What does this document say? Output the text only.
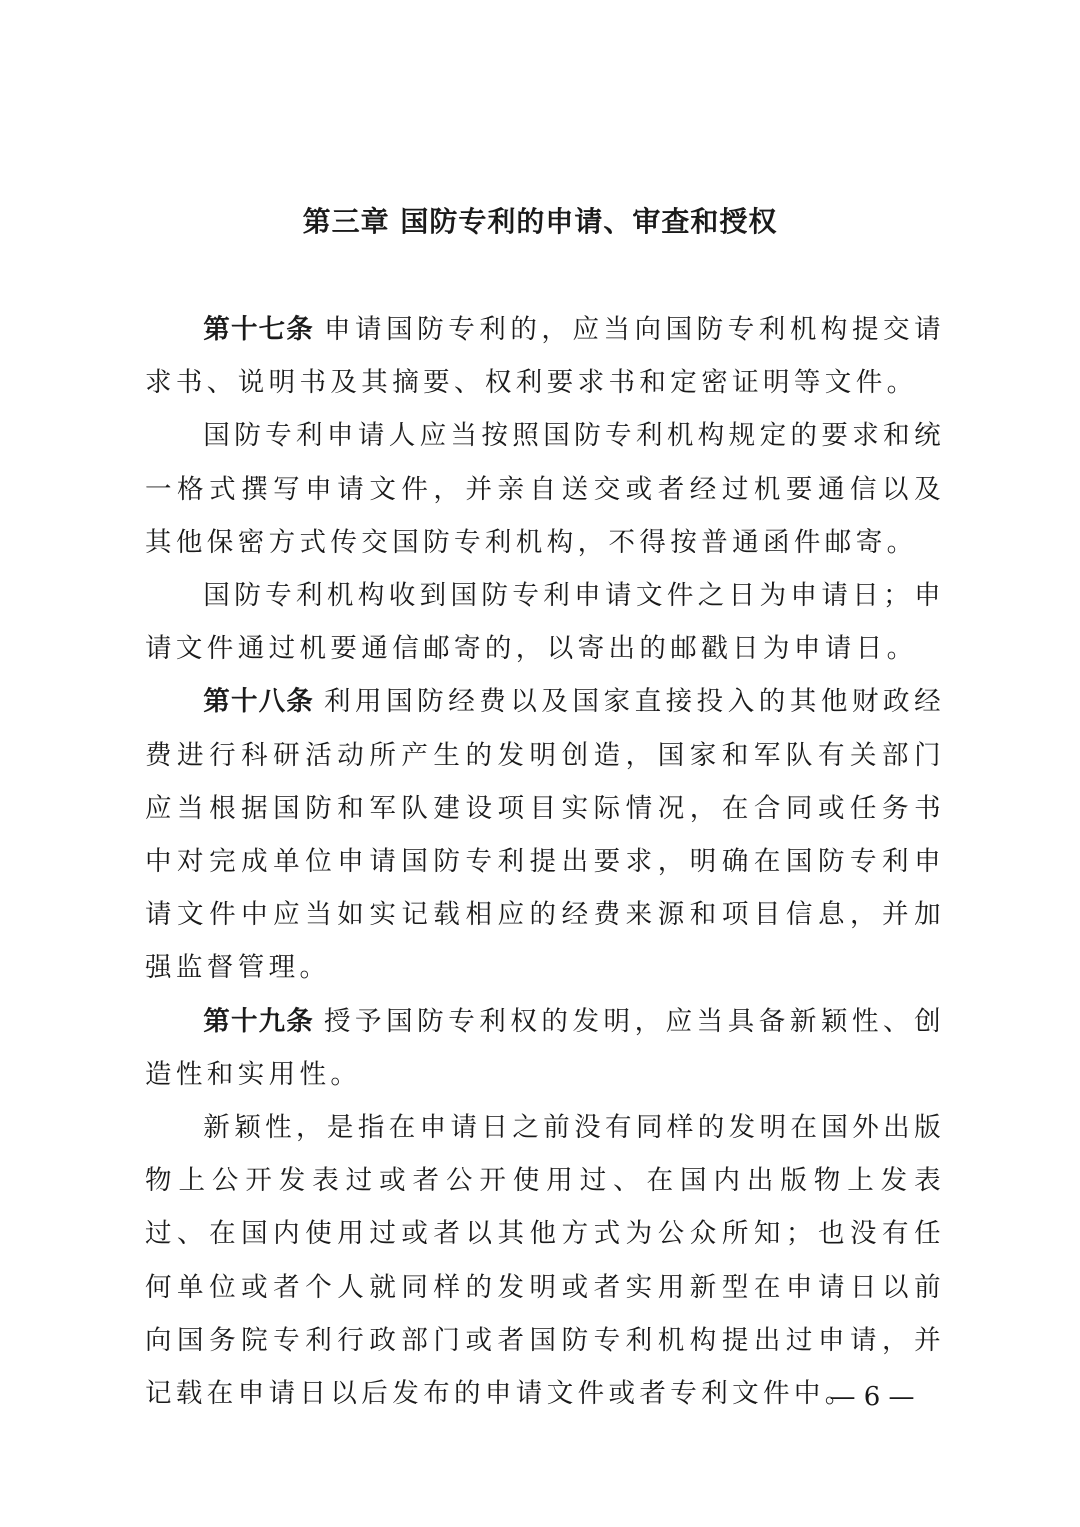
第三章 国防专利的申请、审查和授权

第十七条 申请国防专利的，应当向国防专利机构提交请求书、说明书及其摘要、权利要求书和定密证明等文件。

国防专利申请人应当按照国防专利机构规定的要求和统一格式撰写申请文件，并亲自送交或者经过机要通信以及其他保密方式传交国防专利机构，不得按普通函件邮寄。

国防专利机构收到国防专利申请文件之日为申请日；申请文件通过机要通信邮寄的，以寄出的邮戳日为申请日。

第十八条 利用国防经费以及国家直接投入的其他财政经费进行科研活动所产生的发明创造，国家和军队有关部门应当根据国防和军队建设项目实际情况，在合同或任务书中对完成单位申请国防专利提出要求，明确在国防专利申请文件中应当如实记载相应的经费来源和项目信息，并加强监督管理。

第十九条 授予国防专利权的发明，应当具备新颖性、创造性和实用性。

新颖性，是指在申请日之前没有同样的发明在国外出版物上公开发表过或者公开使用过、在国内出版物上发表过、在国内使用过或者以其他方式为公众所知；也没有任何单位或者个人就同样的发明或者实用新型在申请日以前向国务院专利行政部门或者国防专利机构提出过申请，并记载在申请日以后发布的申请文件或者专利文件中。

— 6 —
